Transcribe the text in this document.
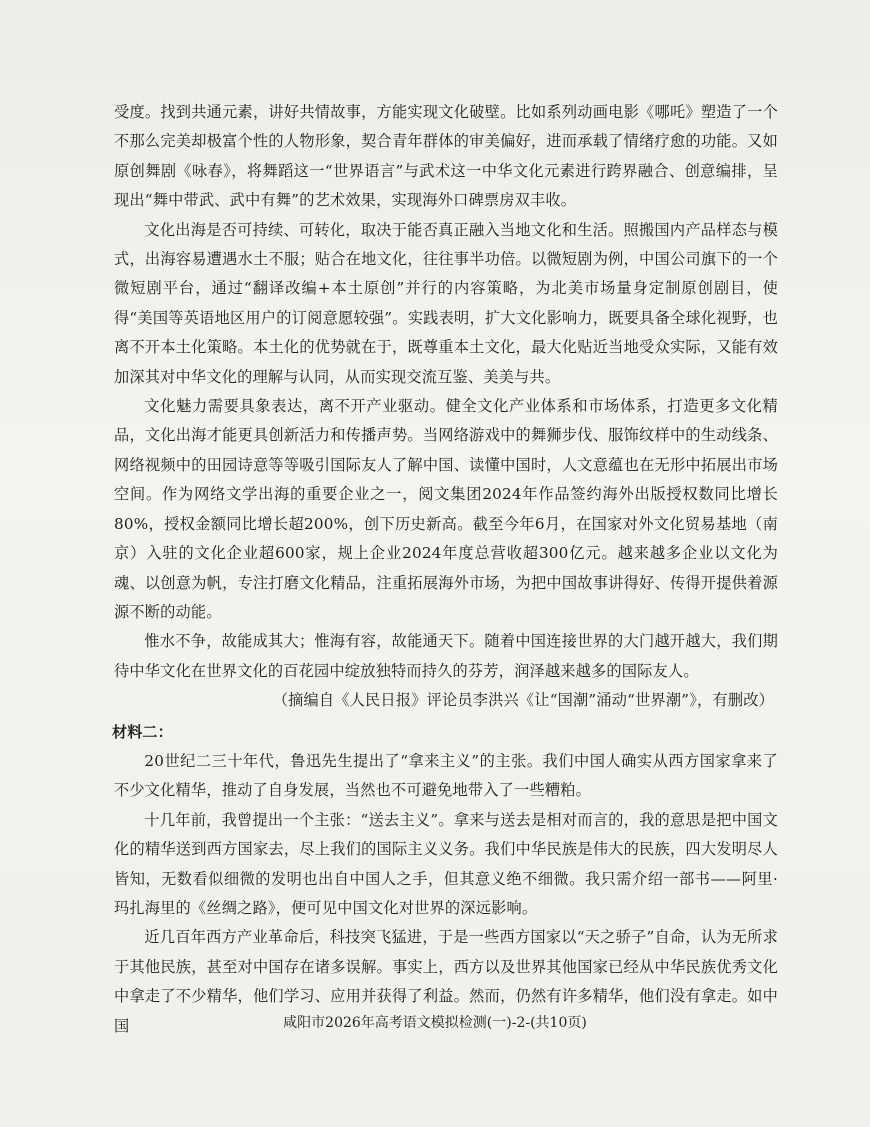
受度。找到共通元素，讲好共情故事，方能实现文化破壁。比如系列动画电影《哪吒》塑造了一个不那么完美却极富个性的人物形象，契合青年群体的审美偏好，进而承载了情绪疗愈的功能。又如原创舞剧《咏春》，将舞蹈这一“世界语言”与武术这一中华文化元素进行跨界融合、创意编排，呈现出“舞中带武、武中有舞”的艺术效果，实现海外口碑票房双丰收。

文化出海是否可持续、可转化，取决于能否真正融入当地文化和生活。照搬国内产品样态与模式，出海容易遭遇水土不服；贴合在地文化，往往事半功倍。以微短剧为例，中国公司旗下的一个微短剧平台，通过“翻译改编+本土原创”并行的内容策略，为北美市场量身定制原创剧目，使得“美国等英语地区用户的订阅意愿较强”。实践表明，扩大文化影响力，既要具备全球化视野，也离不开本土化策略。本土化的优势就在于，既尊重本土文化，最大化贴近当地受众实际，又能有效加深其对中华文化的理解与认同，从而实现交流互鉴、美美与共。

文化魅力需要具象表达，离不开产业驱动。健全文化产业体系和市场体系，打造更多文化精品，文化出海才能更具创新活力和传播声势。当网络游戏中的舞狮步伐、服饰纹样中的生动线条、网络视频中的田园诗意等等吸引国际友人了解中国、读懂中国时，人文意蕴也在无形中拓展出市场空间。作为网络文学出海的重要企业之一，阅文集团2024年作品签约海外出版授权数同比增长80%，授权金额同比增长超200%，创下历史新高。截至今年6月，在国家对外文化贸易基地（南京）入驻的文化企业超600家，规上企业2024年度总营收超300亿元。越来越多企业以文化为魂、以创意为帆，专注打磨文化精品，注重拓展海外市场，为把中国故事讲得好、传得开提供着源源不断的动能。

惟水不争，故能成其大；惟海有容，故能通天下。随着中国连接世界的大门越开越大，我们期待中华文化在世界文化的百花园中绽放独特而持久的芬芳，润泽越来越多的国际友人。

（摘编自《人民日报》评论员李洪兴《让“国潮”涌动“世界潮”》，有删改）

材料二：

20世纪二三十年代，鲁迅先生提出了“拿来主义”的主张。我们中国人确实从西方国家拿来了不少文化精华，推动了自身发展，当然也不可避免地带入了一些糟粕。

十几年前，我曾提出一个主张：“送去主义”。拿来与送去是相对而言的，我的意思是把中国文化的精华送到西方国家去，尽上我们的国际主义义务。我们中华民族是伟大的民族，四大发明尽人皆知，无数看似细微的发明也出自中国人之手，但其意义绝不细微。我只需介绍一部书——阿里·玛扎海里的《丝绸之路》，便可见中国文化对世界的深远影响。

近几百年西方产业革命后，科技突飞猛进，于是一些西方国家以“天之骄子”自命，认为无所求于其他民族，甚至对中国存在诸多误解。事实上，西方以及世界其他国家已经从中华民族优秀文化中拿走了不少精华，他们学习、应用并获得了利益。然而，仍然有许多精华，他们没有拿走。如中国	咸阳市2026年高考语文模拟检测(一)-2-(共10页)
